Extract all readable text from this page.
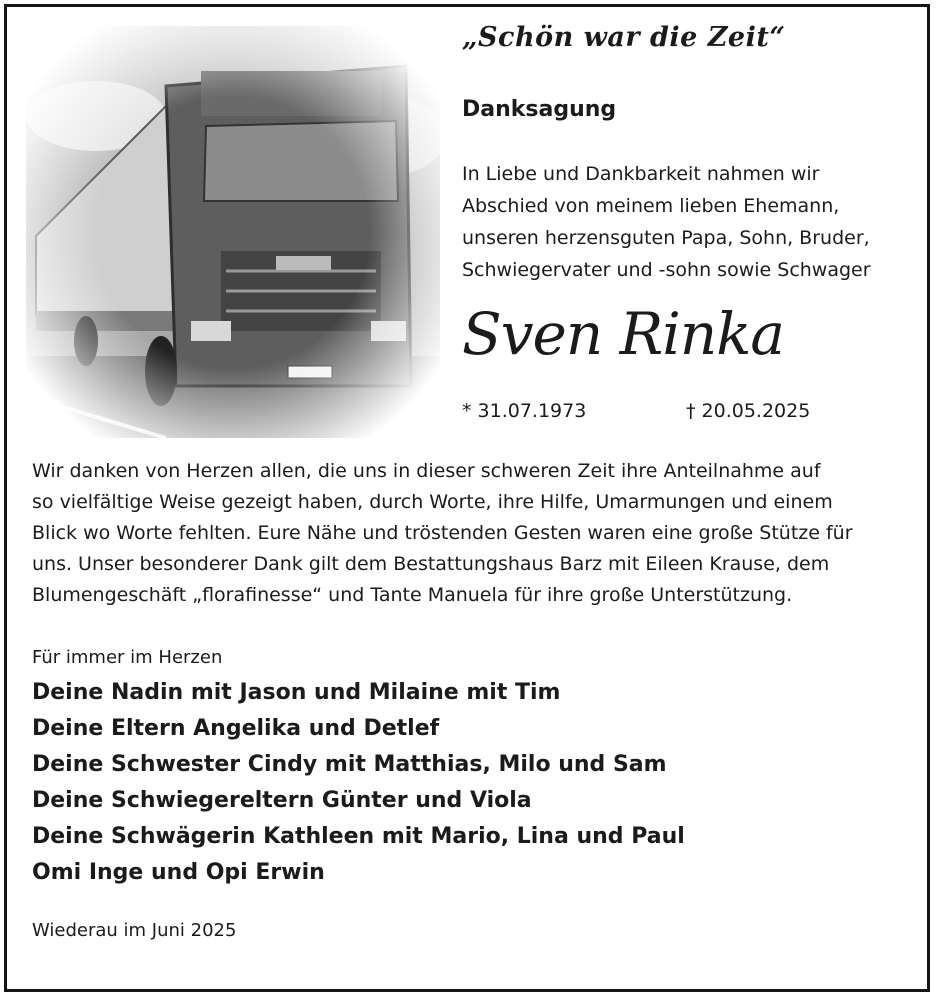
„Schön war die Zeit“
Danksagung
In Liebe und Dankbarkeit nahmen wir
Abschied von meinem lieben Ehemann,
unseren herzensguten Papa, Sohn, Bruder,
Schwiegervater und -sohn sowie Schwager
Sven Rinka
* 31.07.1973	† 20.05.2025
Wir danken von Herzen allen, die uns in dieser schweren Zeit ihre Anteilnahme auf
so vielfältige Weise gezeigt haben, durch Worte, ihre Hilfe, Umarmungen und einem
Blick wo Worte fehlten. Eure Nähe und tröstenden Gesten waren eine große Stütze für
uns. Unser besonderer Dank gilt dem Bestattungshaus Barz mit Eileen Krause, dem
Blumengeschäft „florafinesse“ und Tante Manuela für ihre große Unterstützung.
Für immer im Herzen
Deine Nadin mit Jason und Milaine mit Tim
Deine Eltern Angelika und Detlef
Deine Schwester Cindy mit Matthias, Milo und Sam
Deine Schwiegereltern Günter und Viola
Deine Schwägerin Kathleen mit Mario, Lina und Paul
Omi Inge und Opi Erwin
Wiederau im Juni 2025
